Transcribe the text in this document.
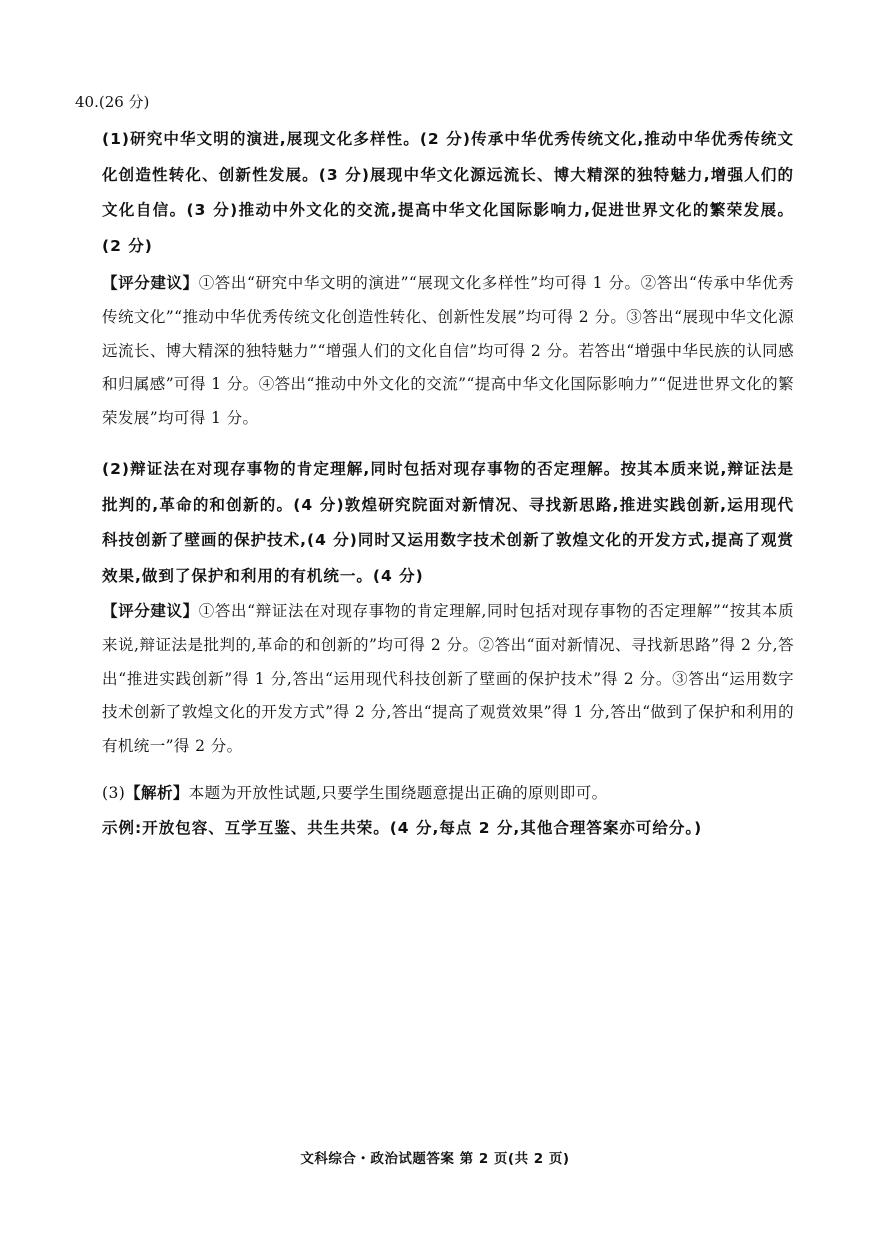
40.(26 分)
(1)研究中华文明的演进,展现文化多样性。(2 分)传承中华优秀传统文化,推动中华优秀传统文化创造性转化、创新性发展。(3 分)展现中华文化源远流长、博大精深的独特魅力,增强人们的文化自信。(3 分)推动中外文化的交流,提高中华文化国际影响力,促进世界文化的繁荣发展。(2 分)
【评分建议】①答出“研究中华文明的演进”“展现文化多样性”均可得 1 分。②答出“传承中华优秀传统文化”“推动中华优秀传统文化创造性转化、创新性发展”均可得 2 分。③答出“展现中华文化源远流长、博大精深的独特魅力”“增强人们的文化自信”均可得 2 分。若答出“增强中华民族的认同感和归属感”可得 1 分。④答出“推动中外文化的交流”“提高中华文化国际影响力”“促进世界文化的繁荣发展”均可得 1 分。
(2)辩证法在对现存事物的肯定理解,同时包括对现存事物的否定理解。按其本质来说,辩证法是批判的,革命的和创新的。(4 分)敦煌研究院面对新情况、寻找新思路,推进实践创新,运用现代科技创新了壁画的保护技术,(4 分)同时又运用数字技术创新了敦煌文化的开发方式,提高了观赏效果,做到了保护和利用的有机统一。(4 分)
【评分建议】①答出“辩证法在对现存事物的肯定理解,同时包括对现存事物的否定理解”“按其本质来说,辩证法是批判的,革命的和创新的”均可得 2 分。②答出“面对新情况、寻找新思路”得 2 分,答出“推进实践创新”得 1 分,答出“运用现代科技创新了壁画的保护技术”得 2 分。③答出“运用数字技术创新了敦煌文化的开发方式”得 2 分,答出“提高了观赏效果”得 1 分,答出“做到了保护和利用的有机统一”得 2 分。
(3)【解析】本题为开放性试题,只要学生围绕题意提出正确的原则即可。
示例:开放包容、互学互鉴、共生共荣。(4 分,每点 2 分,其他合理答案亦可给分。)
文科综合・政治试题答案 第 2 页(共 2 页)
